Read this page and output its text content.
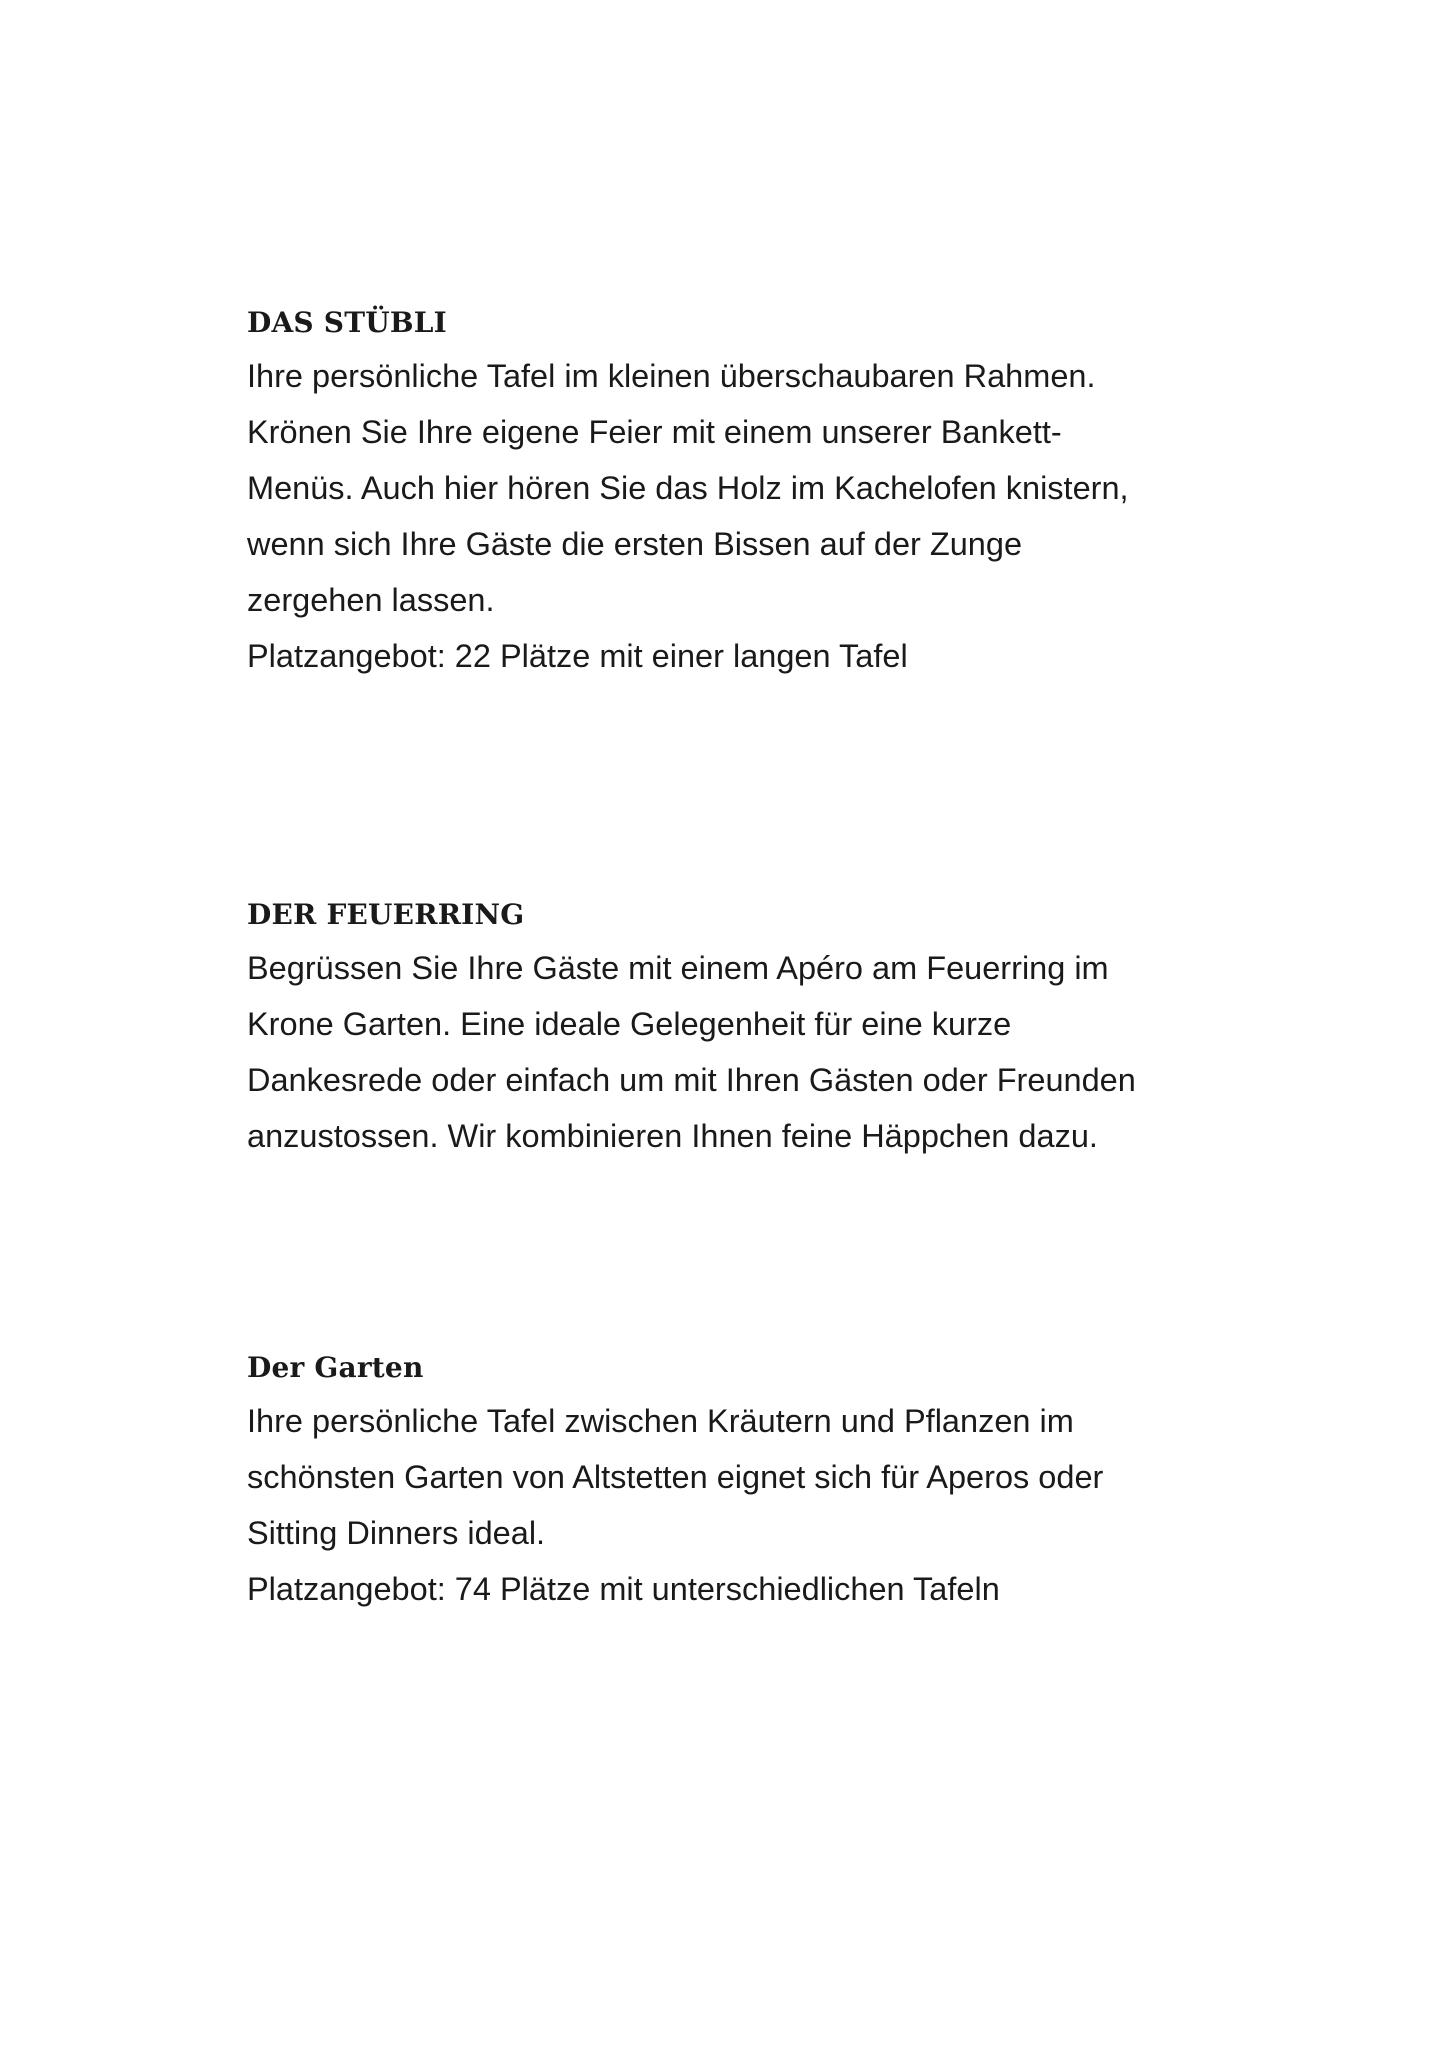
DAS STÜBLI

Ihre persönliche Tafel im kleinen überschaubaren Rahmen.

Krönen Sie Ihre eigene Feier mit einem unserer Bankett-

Menüs. Auch hier hören Sie das Holz im Kachelofen knistern,

wenn sich Ihre Gäste die ersten Bissen auf der Zunge

zergehen lassen.

Platzangebot: 22 Plätze mit einer langen Tafel

DER FEUERRING

Begrüssen Sie Ihre Gäste mit einem Apéro am Feuerring im

Krone Garten. Eine ideale Gelegenheit für eine kurze

Dankesrede oder einfach um mit Ihren Gästen oder Freunden

anzustossen. Wir kombinieren Ihnen feine Häppchen dazu.

Der Garten

Ihre persönliche Tafel zwischen Kräutern und Pflanzen im

schönsten Garten von Altstetten eignet sich für Aperos oder

Sitting Dinners ideal.

Platzangebot: 74 Plätze mit unterschiedlichen Tafeln
